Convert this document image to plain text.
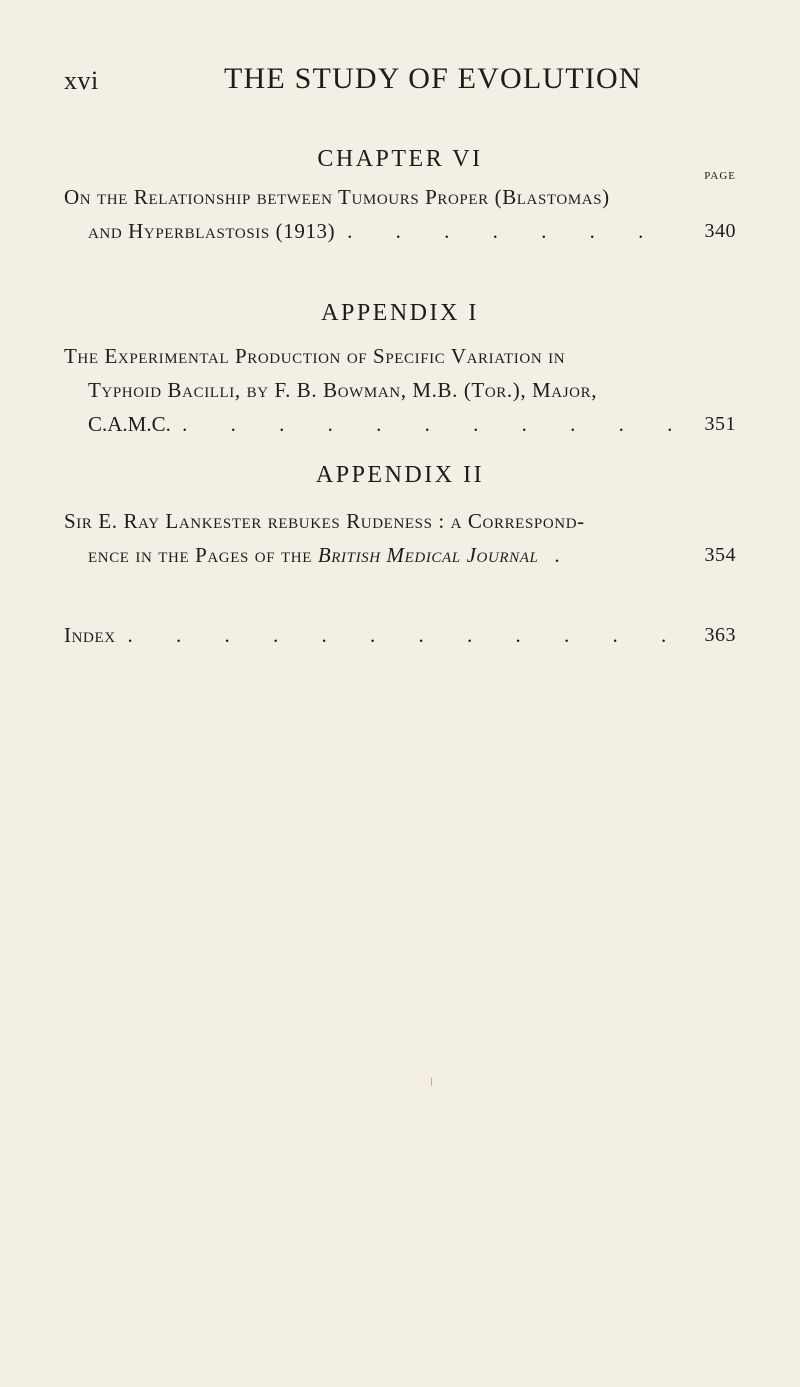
xvi	THE STUDY OF EVOLUTION
CHAPTER VI
PAGE
On the Relationship between Tumours Proper (Blastomas)
and Hyperblastosis (1913) . . . . . . . 340
APPENDIX I
The Experimental Production of Specific Variation in
Typhoid Bacilli, by F. B. Bowman, M.B. (Tor.), Major,
C.A.M.C. . . . . . . . . . . . 351
APPENDIX II
Sir E. Ray Lankester rebukes Rudeness : a Correspond-
ence in the Pages of the British Medical Journal .	354
Index . . . . . . . . . . . . 363
